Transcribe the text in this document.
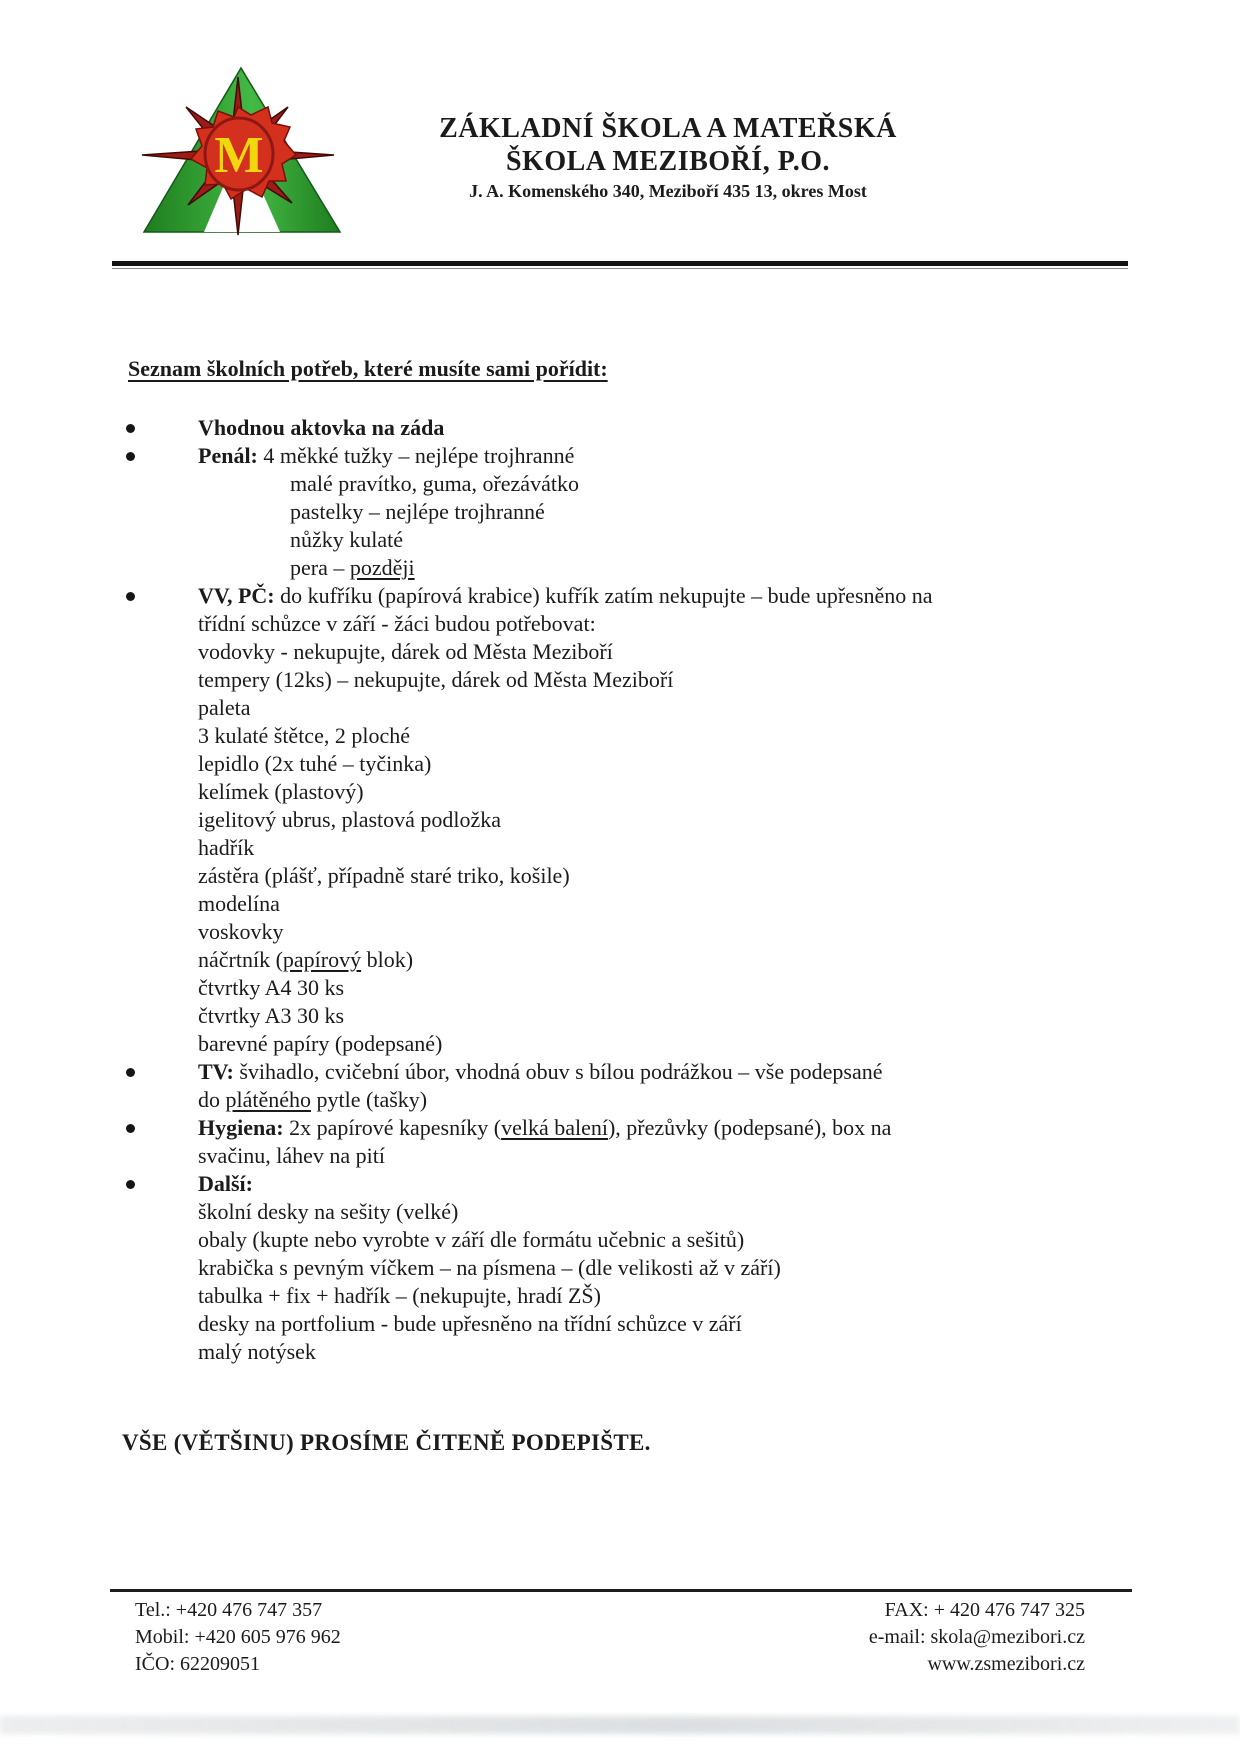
M	ZÁKLADNÍ ŠKOLA A MATEŘSKÁ
ŠKOLA MEZIBOŘÍ, P.O.
J. A. Komenského 340, Meziboří 435 13, okres Most
Seznam školních potřeb, které musíte sami pořídit:
Vhodnou aktovka na záda
Penál: 4 měkké tužky – nejlépe trojhranné
malé pravítko, guma, ořezávátko
pastelky – nejlépe trojhranné
nůžky kulaté
pera – později
VV, PČ: do kufříku (papírová krabice) kufřík zatím nekupujte – bude upřesněno na
třídní schůzce v září - žáci budou potřebovat:
vodovky - nekupujte, dárek od Města Meziboří
tempery (12ks) – nekupujte, dárek od Města Meziboří
paleta
3 kulaté štětce, 2 ploché
lepidlo (2x tuhé – tyčinka)
kelímek (plastový)
igelitový ubrus, plastová podložka
hadřík
zástěra (plášť, případně staré triko, košile)
modelína
voskovky
náčrtník (papírový blok)
čtvrtky A4 30 ks
čtvrtky A3 30 ks
barevné papíry (podepsané)
TV: švihadlo, cvičební úbor, vhodná obuv s bílou podrážkou – vše podepsané
do plátěného pytle (tašky)
Hygiena: 2x papírové kapesníky (velká balení), přezůvky (podepsané), box na
svačinu, láhev na pití
Další:
školní desky na sešity (velké)
obaly (kupte nebo vyrobte v září dle formátu učebnic a sešitů)
krabička s pevným víčkem – na písmena – (dle velikosti až v září)
tabulka + fix + hadřík – (nekupujte, hradí ZŠ)
desky na portfolium - bude upřesněno na třídní schůzce v září
malý notýsek
VŠE (VĚTŠINU) PROSÍME ČITENĚ PODEPIŠTE.
Tel.: +420 476 747 357
Mobil: +420 605 976 962
IČO: 62209051
FAX: + 420 476 747 325
e-mail: skola@mezibori.cz
www.zsmezibori.cz
